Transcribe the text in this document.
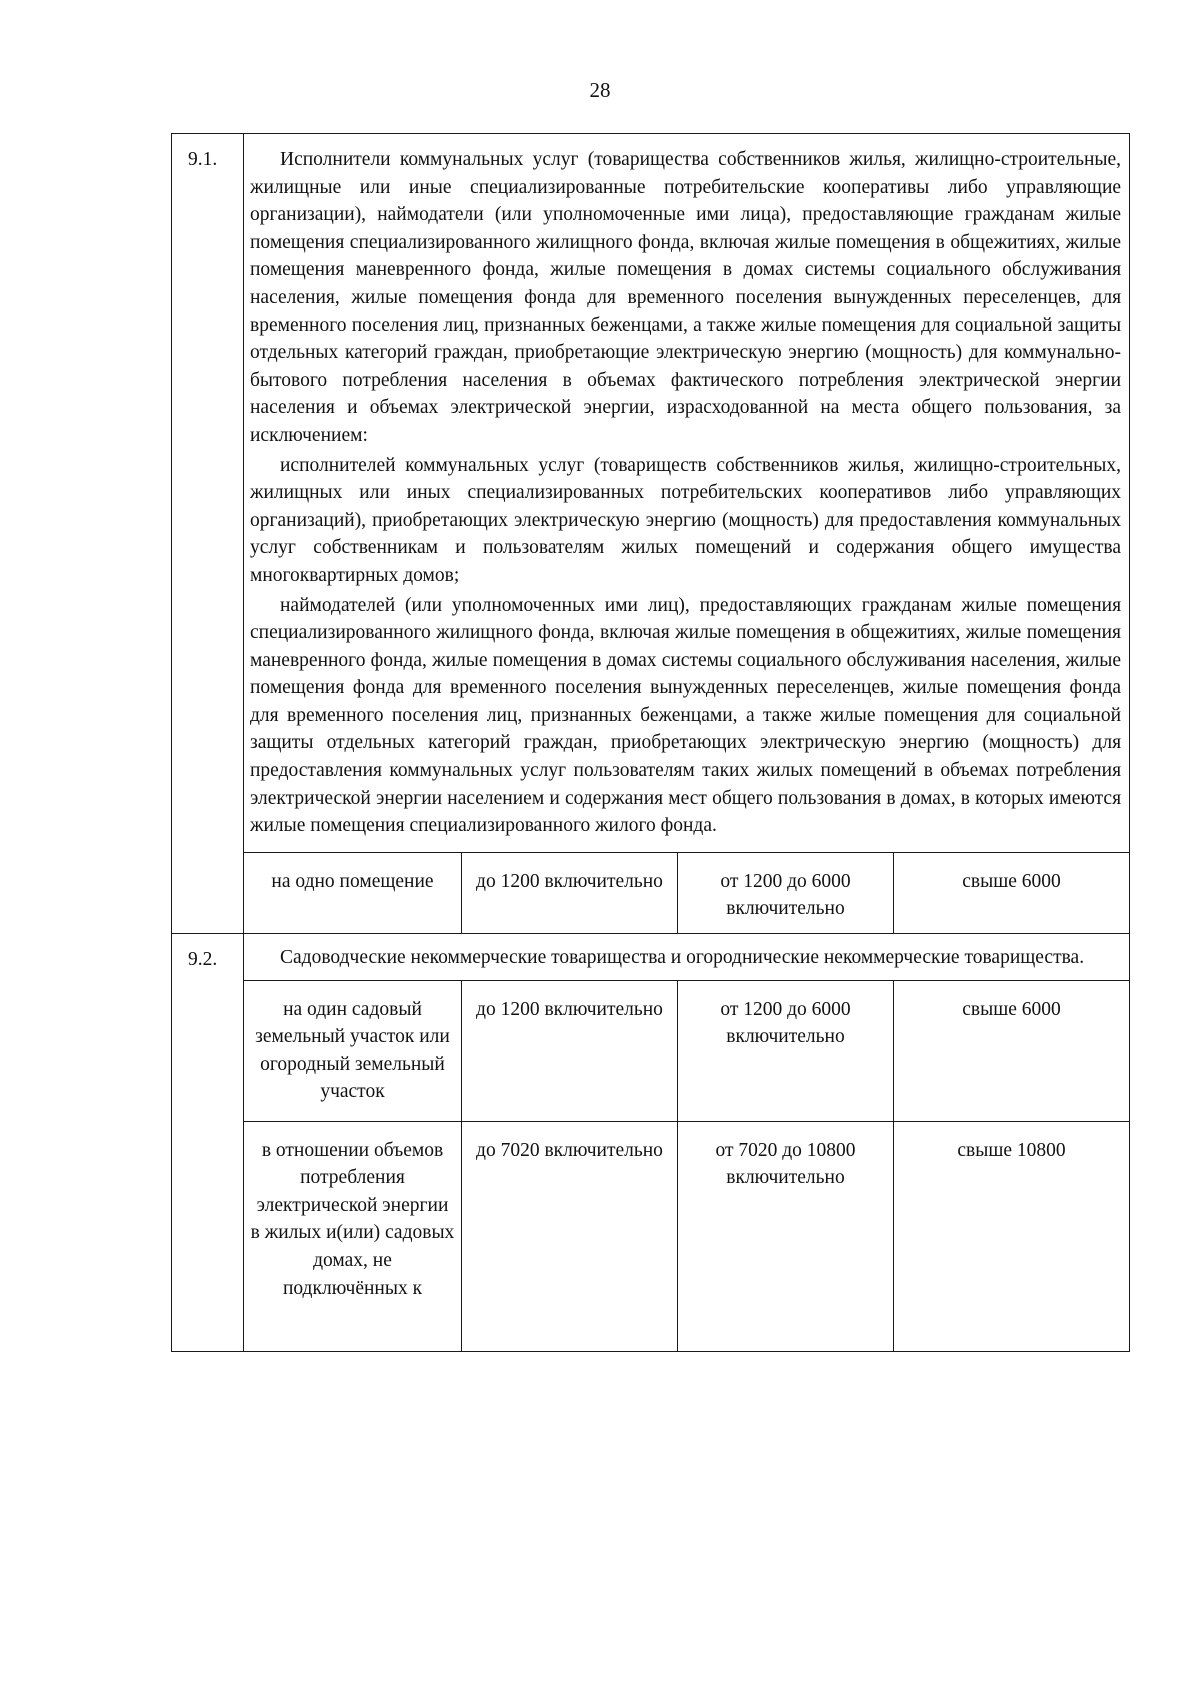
28
9.1.	Исполнители коммунальных услуг (товарищества собственников жилья, жилищно-строительные, жилищные или иные специализированные потребительские кооперативы либо управляющие организации), наймодатели (или уполномоченные ими лица), предоставляющие гражданам жилые помещения специализированного жилищного фонда, включая жилые помещения в общежитиях, жилые помещения маневренного фонда, жилые помещения в домах системы социального обслуживания населения, жилые помещения фонда для временного поселения вынужденных переселенцев, для временного поселения лиц, признанных беженцами, а также жилые помещения для социальной защиты отдельных категорий граждан, приобретающие электрическую энергию (мощность) для коммунально-бытового потребления населения в объемах фактического потребления электрической энергии населения и объемах электрической энергии, израсходованной на места общего пользования, за исключением:

исполнителей коммунальных услуг (товариществ собственников жилья, жилищно-строительных, жилищных или иных специализированных потребительских кооперативов либо управляющих организаций), приобретающих электрическую энергию (мощность) для предоставления коммунальных услуг собственникам и пользователям жилых помещений и содержания общего имущества многоквартирных домов;

наймодателей (или уполномоченных ими лиц), предоставляющих гражданам жилые помещения специализированного жилищного фонда, включая жилые помещения в общежитиях, жилые помещения маневренного фонда, жилые помещения в домах системы социального обслуживания населения, жилые помещения фонда для временного поселения вынужденных переселенцев, жилые помещения фонда для временного поселения лиц, признанных беженцами, а также жилые помещения для социальной защиты отдельных категорий граждан, приобретающих электрическую энергию (мощность) для предоставления коммунальных услуг пользователям таких жилых помещений в объемах потребления электрической энергии населением и содержания мест общего пользования в домах, в которых имеются жилые помещения специализированного жилого фонда.			

	на одно помещение	до 1200 включительно	от 1200 до 6000 включительно	свыше 6000
9.2.	Садоводческие некоммерческие товарищества и огороднические некоммерческие товарищества.			

	на один садовый земельный участок или огородный земельный участок	до 1200 включительно	от 1200 до 6000 включительно	свыше 6000
	в отношении объемов потребления электрической энергии в жилых и(или) садовых домах, не подключённых к	до 7020 включительно	от 7020 до 10800 включительно	свыше 10800
